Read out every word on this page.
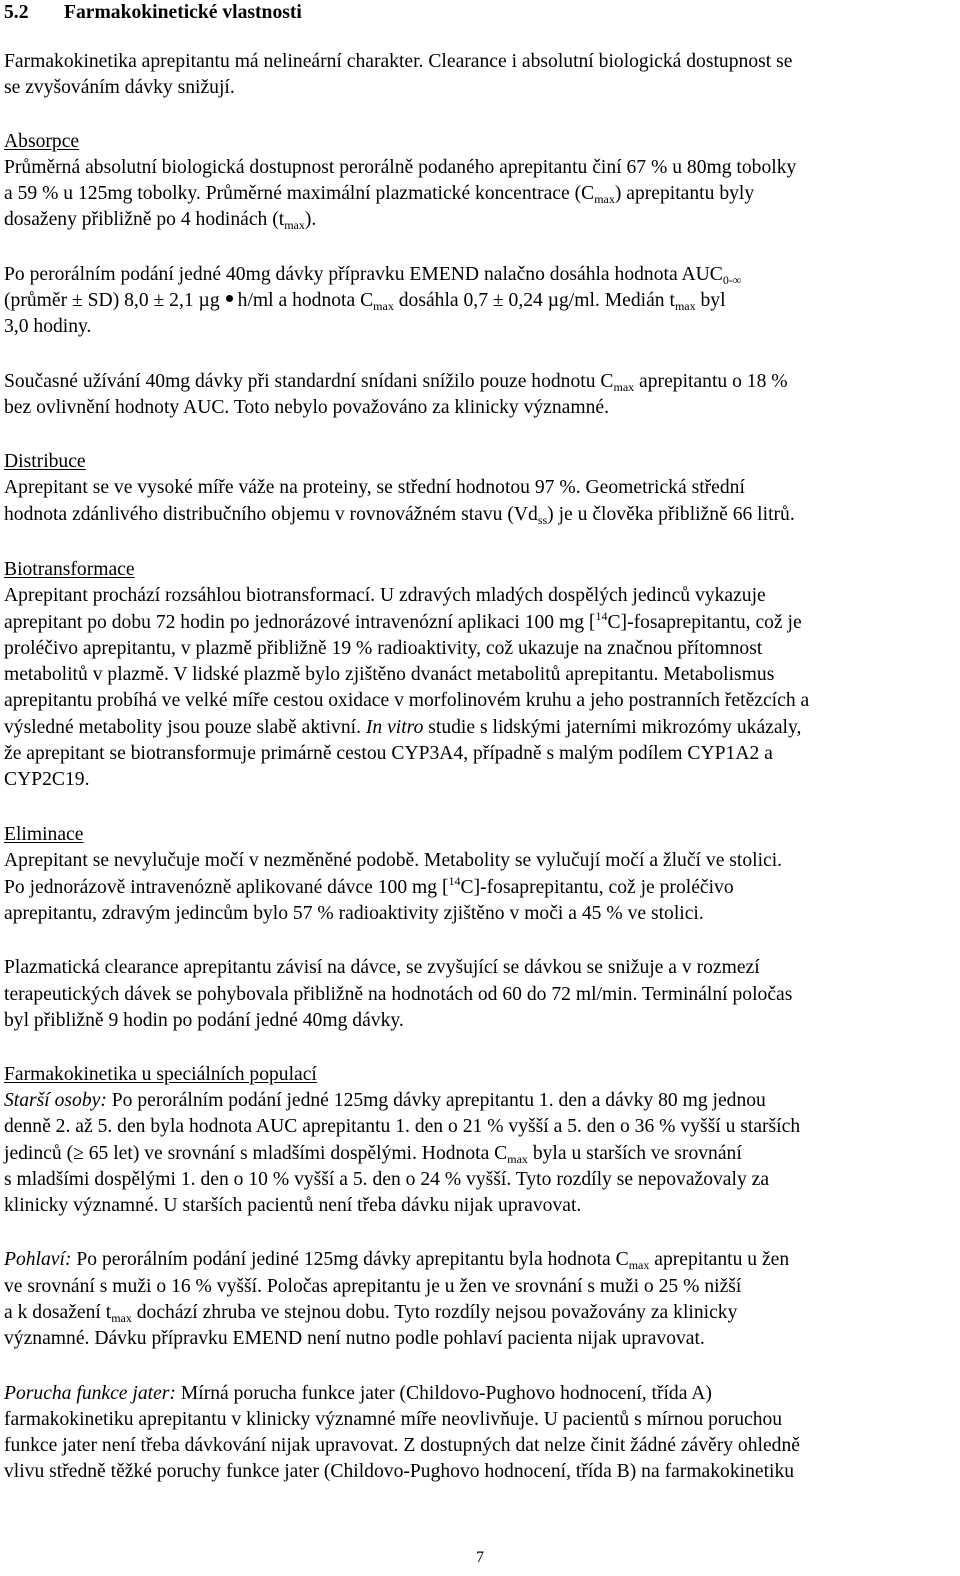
5.2 Farmakokinetické vlastnosti
Farmakokinetika aprepitantu má nelineární charakter. Clearance i absolutní biologická dostupnost se
se zvyšováním dávky snižují.
Absorpce
Průměrná absolutní biologická dostupnost perorálně podaného aprepitantu činí 67 % u 80mg tobolky
a 59 % u 125mg tobolky. Průměrné maximální plazmatické koncentrace $(C_{max})$ aprepitantu byly
dosaženy přibližně po 4 hodinách $(t_{max})$.
Po perorálním podání jedné 40mg dávky přípravku EMEND nalačno dosáhla hodnota $AUC_{0-\infty}$
(průměr ± SD) 8,0 ± 2,1 µg h/ml a hodnota $C_{max}$ dosáhla 0,7 ± 0,24 µg/ml. Medián $t_{max}$ byl
3,0 hodiny.
Současné užívání 40mg dávky při standardní snídani snížilo pouze hodnotu $C_{max}$ aprepitantu o 18 %
bez ovlivnění hodnoty AUC. Toto nebylo považováno za klinicky významné.
Distribuce
Aprepitant se ve vysoké míře váže na proteiny, se střední hodnotou 97 %. Geometrická střední
hodnota zdánlivého distribučního objemu v rovnovážném stavu $(Vd_{ss})$ je u člověka přibližně 66 litrů.
Biotransformace
Aprepitant prochází rozsáhlou biotransformací. U zdravých mladých dospělých jedinců vykazuje
aprepitant po dobu 72 hodin po jednorázové intravenózní aplikaci 100 mg [$^{14}$C]-fosaprepitantu, což je
proléčivo aprepitantu, v plazmě přibližně 19 % radioaktivity, což ukazuje na značnou přítomnost
metabolitů v plazmě. V lidské plazmě bylo zjištěno dvanáct metabolitů aprepitantu. Metabolismus
aprepitantu probíhá ve velké míře cestou oxidace v morfolinovém kruhu a jeho postranních řetězcích a
výsledné metabolity jsou pouze slabě aktivní. In vitro studie s lidskými jaterními mikrozómy ukázaly,
že aprepitant se biotransformuje primárně cestou CYP3A4, případně s malým podílem CYP1A2 a
CYP2C19.
Eliminace
Aprepitant se nevylučuje močí v nezměněné podobě. Metabolity se vylučují močí a žlučí ve stolici.
Po jednorázově intravenózně aplikované dávce 100 mg [$^{14}$C]-fosaprepitantu, což je proléčivo
aprepitantu, zdravým jedincům bylo 57 % radioaktivity zjištěno v moči a 45 % ve stolici.
Plazmatická clearance aprepitantu závisí na dávce, se zvyšující se dávkou se snižuje a v rozmezí
terapeutických dávek se pohybovala přibližně na hodnotách od 60 do 72 ml/min. Terminální poločas
byl přibližně 9 hodin po podání jedné 40mg dávky.
Farmakokinetika u speciálních populací
Starší osoby: Po perorálním podání jedné 125mg dávky aprepitantu 1. den a dávky 80 mg jednou
denně 2. až 5. den byla hodnota AUC aprepitantu 1. den o 21 % vyšší a 5. den o 36 % vyšší u starších
jedinců (≥ 65 let) ve srovnání s mladšími dospělými. Hodnota $C_{max}$ byla u starších ve srovnání
s mladšími dospělými 1. den o 10 % vyšší a 5. den o 24 % vyšší. Tyto rozdíly se nepovažovaly za
klinicky významné. U starších pacientů není třeba dávku nijak upravovat.
Pohlaví: Po perorálním podání jediné 125mg dávky aprepitantu byla hodnota $C_{max}$ aprepitantu u žen
ve srovnání s muži o 16 % vyšší. Poločas aprepitantu je u žen ve srovnání s muži o 25 % nižší
a k dosažení $t_{max}$ dochází zhruba ve stejnou dobu. Tyto rozdíly nejsou považovány za klinicky
významné. Dávku přípravku EMEND není nutno podle pohlaví pacienta nijak upravovat.
Porucha funkce jater: Mírná porucha funkce jater (Childovo-Pughovo hodnocení, třída A)
farmakokinetiku aprepitantu v klinicky významné míře neovlivňuje. U pacientů s mírnou poruchou
funkce jater není třeba dávkování nijak upravovat. Z dostupných dat nelze činit žádné závěry ohledně
vlivu středně těžké poruchy funkce jater (Childovo-Pughovo hodnocení, třída B) na farmakokinetiku
7
